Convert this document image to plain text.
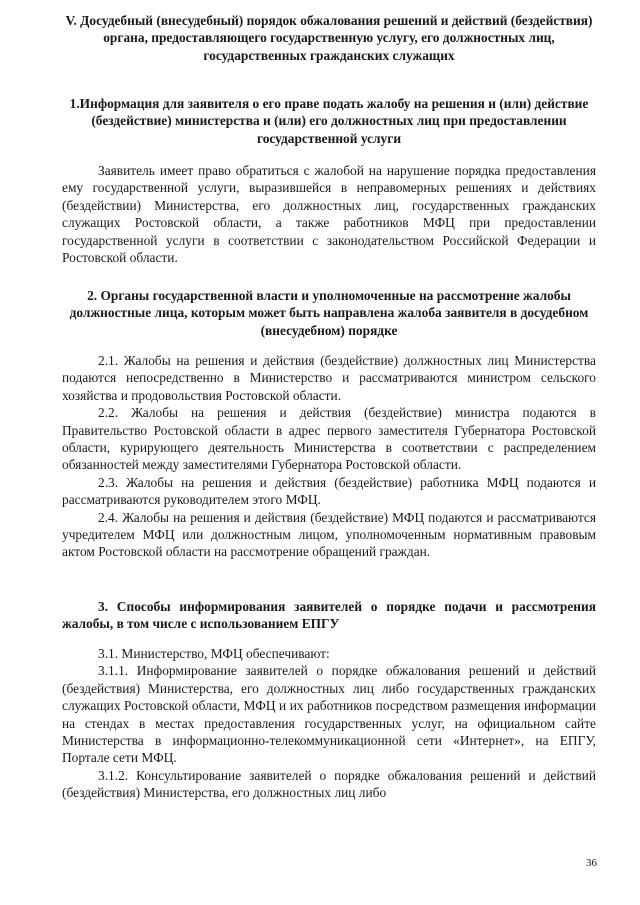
V. Досудебный (внесудебный) порядок обжалования решений и действий (бездействия) органа, предоставляющего государственную услугу, его должностных лиц, государственных гражданских служащих

1.Информация для заявителя о его праве подать жалобу на решения и (или) действие (бездействие) министерства и (или) его должностных лиц при предоставлении государственной услуги

Заявитель имеет право обратиться с жалобой на нарушение порядка предоставления ему государственной услуги, выразившейся в неправомерных решениях и действиях (бездействии) Министерства, его должностных лиц, государственных гражданских служащих Ростовской области, а также работников МФЦ при предоставлении государственной услуги в соответствии с законодательством Российской Федерации и Ростовской области.

2. Органы государственной власти и уполномоченные на рассмотрение жалобы должностные лица, которым может быть направлена жалоба заявителя в досудебном (внесудебном) порядке

2.1. Жалобы на решения и действия (бездействие) должностных лиц Министерства подаются непосредственно в Министерство и рассматриваются министром сельского хозяйства и продовольствия Ростовской области.

2.2. Жалобы на решения и действия (бездействие) министра подаются в Правительство Ростовской области в адрес первого заместителя Губернатора Ростовской области, курирующего деятельность Министерства в соответствии с распределением обязанностей между заместителями Губернатора Ростовской области.

2.3. Жалобы на решения и действия (бездействие) работника МФЦ подаются и рассматриваются руководителем этого МФЦ.

2.4. Жалобы на решения и действия (бездействие) МФЦ подаются и рассматриваются учредителем МФЦ или должностным лицом, уполномоченным нормативным правовым актом Ростовской области на рассмотрение обращений граждан.

3. Способы информирования заявителей о порядке подачи и рассмотрения жалобы, в том числе с использованием ЕПГУ

3.1. Министерство, МФЦ обеспечивают:

3.1.1. Информирование заявителей о порядке обжалования решений и действий (бездействия) Министерства, его должностных лиц либо государственных гражданских служащих Ростовской области, МФЦ и их работников посредством размещения информации на стендах в местах предоставления государственных услуг, на официальном сайте Министерства в информационно-телекоммуникационной сети «Интернет», на ЕПГУ, Портале сети МФЦ.

3.1.2. Консультирование заявителей о порядке обжалования решений и действий (бездействия) Министерства, его должностных лиц либо

36
